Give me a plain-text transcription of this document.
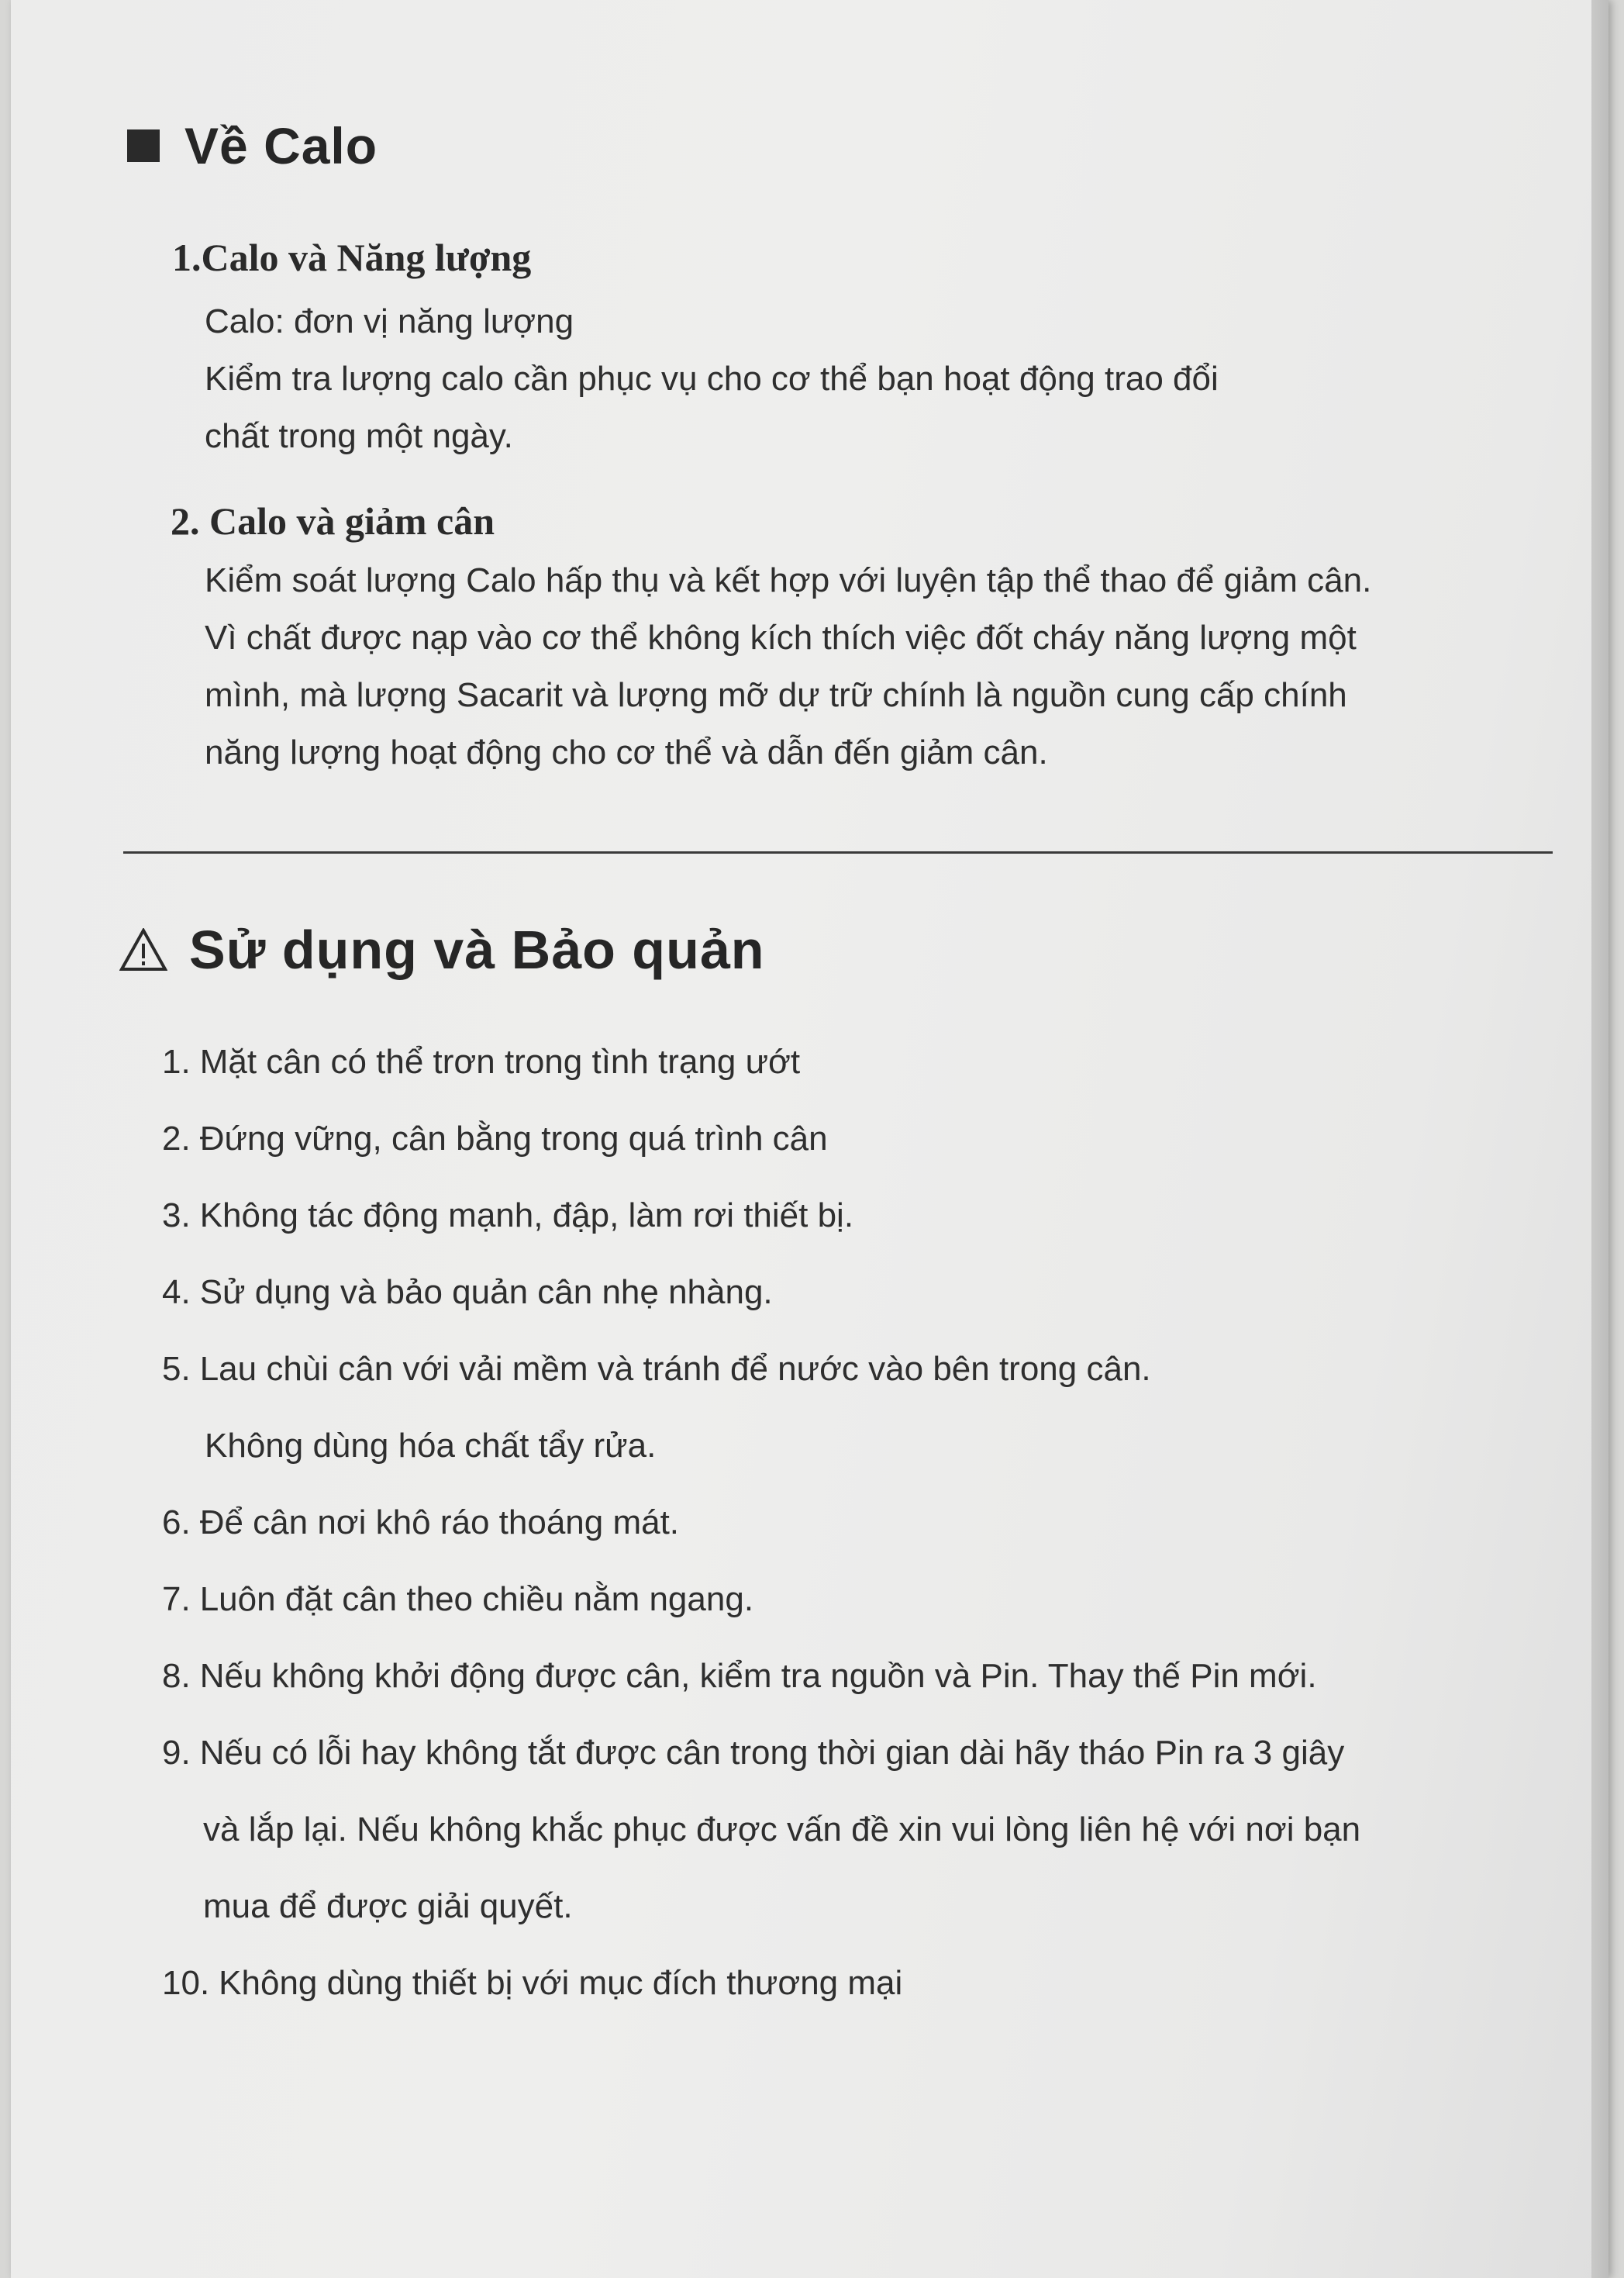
Về Calo
1.Calo và Năng lượng
Calo: đơn vị năng lượng
Kiểm tra lượng calo cần phục vụ cho cơ thể bạn hoạt động trao đổi
chất trong một ngày.
2. Calo và giảm cân
Kiểm soát lượng Calo hấp thụ và kết hợp với luyện tập thể thao để giảm cân.
Vì chất được nạp vào cơ thể không kích thích việc đốt cháy năng lượng một
mình, mà lượng Sacarit và lượng mỡ dự trữ chính là nguồn cung cấp chính
năng lượng hoạt động cho cơ thể và dẫn đến giảm cân.
Sử dụng và Bảo quản
1. Mặt cân có thể trơn trong tình trạng ướt
2. Đứng vững, cân bằng trong quá trình cân
3. Không tác động mạnh, đập, làm rơi thiết bị.
4. Sử dụng và bảo quản cân nhẹ nhàng.
5. Lau chùi cân với vải mềm và tránh để nước vào bên trong cân.
Không dùng hóa chất tẩy rửa.
6. Để cân nơi khô ráo thoáng mát.
7. Luôn đặt cân theo chiều nằm ngang.
8. Nếu không khởi động được cân, kiểm tra nguồn và Pin. Thay thế Pin mới.
9. Nếu có lỗi hay không tắt được cân trong thời gian dài hãy tháo Pin ra 3 giây
và lắp lại. Nếu không khắc phục được vấn đề xin vui lòng liên hệ với nơi bạn
mua để được giải quyết.
10. Không dùng thiết bị với mục đích thương mại
